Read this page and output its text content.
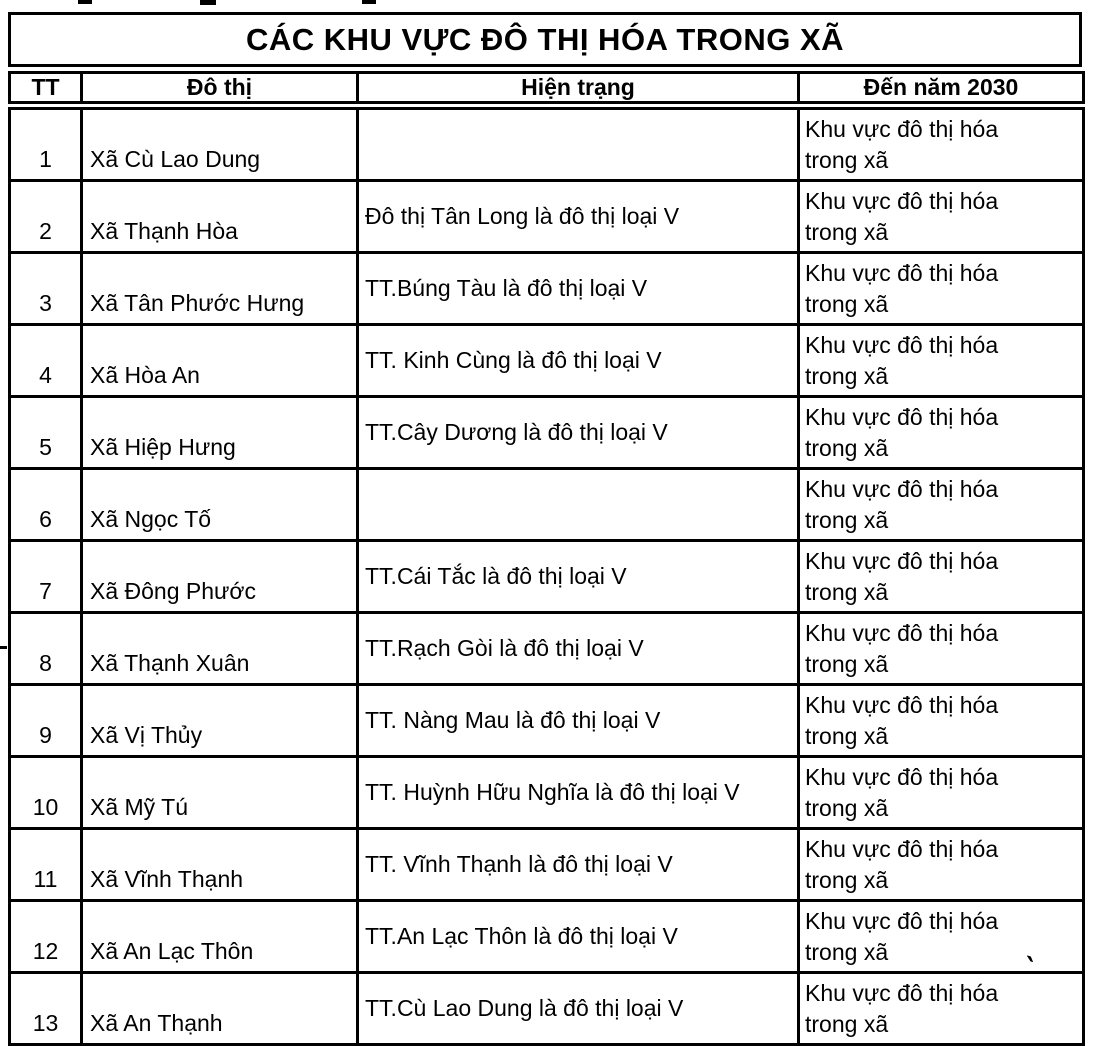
CÁC KHU VỰC ĐÔ THỊ HÓA TRONG XÃ
TT	Đô thị	Hiện trạng	Đến năm 2030
1	Xã Cù Lao Dung		Khu vực đô thị hóa
trong xã

2	Xã Thạnh Hòa	Đô thị Tân Long là đô thị loại V	Khu vực đô thị hóa
trong xã

3	Xã Tân Phước Hưng	TT.Búng Tàu là đô thị loại V	Khu vực đô thị hóa
trong xã

4	Xã Hòa An	TT. Kinh Cùng là đô thị loại V	Khu vực đô thị hóa
trong xã

5	Xã Hiệp Hưng	TT.Cây Dương là đô thị loại V	Khu vực đô thị hóa
trong xã

6	Xã Ngọc Tố		Khu vực đô thị hóa
trong xã

7	Xã Đông Phước	TT.Cái Tắc là đô thị loại V	Khu vực đô thị hóa
trong xã

8	Xã Thạnh Xuân	TT.Rạch Gòi là đô thị loại V	Khu vực đô thị hóa
trong xã

9	Xã Vị Thủy	TT. Nàng Mau là đô thị loại V	Khu vực đô thị hóa
trong xã

10	Xã Mỹ Tú	TT. Huỳnh Hữu Nghĩa là đô thị loại V	Khu vực đô thị hóa
trong xã

11	Xã Vĩnh Thạnh	TT. Vĩnh Thạnh là đô thị loại V	Khu vực đô thị hóa
trong xã

12	Xã An Lạc Thôn	TT.An Lạc Thôn là đô thị loại V	Khu vực đô thị hóa
trong xã

13	Xã An Thạnh	TT.Cù Lao Dung là đô thị loại V	Khu vực đô thị hóa
trong xã
`
